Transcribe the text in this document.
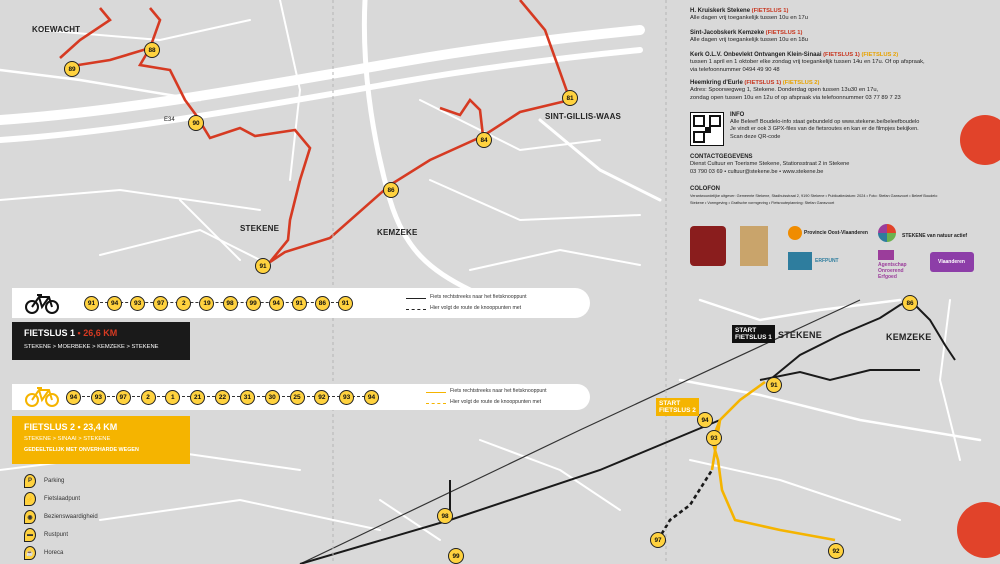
KOEWACHT
STEKENE	KEMZEKE
SINT-GILLIS-WAAS
STEKENE	KEMZEKE
E34
89
88
90
86
84
81
91
86
91
94
93
98
99
97
92
START
FIETSLUS 1
START
FIETSLUS 2
91	94	93	97	2	19	98	99	94	91	86	91
Fiets rechtstreeks naar het fietsknooppunt
Hier volgt de route de knooppunten met
FIETSLUS 1 • 26,6 KM
STEKENE > MOERBEKE > KEMZEKE > STEKENE
94	93	97	2	1	21	22	31	30	25	92	93	94
Fiets rechtstreeks naar het fietsknooppunt
Hier volgt de route de knooppunten met
FIETSLUS 2 • 23,4 KM
STEKENE > SINAAI > STEKENE
GEDEELTELIJK MET ONVERHARDE WEGEN
P	Parking
⚡	Fietslaadpunt
◉	Bezienswaardigheid
▬	Rustpunt
☕	Horeca
H. Kruiskerk Stekene (FIETSLUS 1)
Alle dagen vrij toegankelijk tussen 10u en 17u
Sint-Jacobskerk Kemzeke (FIETSLUS 1)
Alle dagen vrij toegankelijk tussen 10u en 18u
Kerk O.L.V. Onbevlekt Ontvangen Klein-Sinaai (FIETSLUS 1) (FIETSLUS 2)
tussen 1 april en 1 oktober elke zondag vrij toegankelijk tussen 14u en 17u. Of op afspraak,
via telefoonnummer 0494 49 90 48
Heemkring d'Eurle (FIETSLUS 1) (FIETSLUS 2)
Adres: Spoorwegweg 1, Stekene. Donderdag open tussen 13u30 en 17u,
zondag open tussen 10u en 12u of op afspraak via telefoonnummer 03 77 89 7 23
INFO
Alle Beleef! Boudelo-info staat gebundeld op www.stekene.be/beleefboudelo
Je vindt er ook 3 GPX-files van de fietsroutes en kan er de filmpjes bekijken.
Scan deze QR-code
CONTACTGEGEVENS
Dienst Cultuur en Toerisme Stekene, Stationsstraat 2 in Stekene
03 790 03 69 • cultuur@stekene.be • www.stekene.be
COLOFON
Verantwoordelijke uitgever: Gemeente Stekene, Stadhuisstraat 2, 9190 Stekene • Publicatiedatum: 2024 • Foto: Stefan Gansvoort • Beleef Boudelo
Stekene • Vormgeving • Grafische vormgeving • Fietsrouteplanning: Stefan Gansvoort
Provincie Oost-Vlaanderen
ERFPUNT
STEKENE van natuur actief
Agentschap Onroerend Erfgoed
Vlaanderen
